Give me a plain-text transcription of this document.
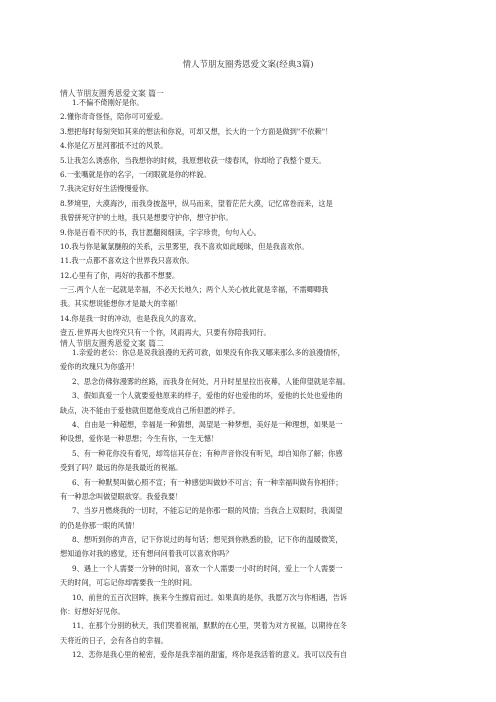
情人节朋友圈秀恩爱文案(经典3篇)
情人节朋友圈秀恩爱文案 篇一
1.不偏不倚刚好是你。
2.懂你奇奇怪怪，陪你可可爱爱。
3.想把每时每刻突如其来的想法和你说，可却又想，长大的一个方面是做到"不依赖"！
4.你是亿万星河都抵不过的风景。
5.让我怎么诱惑你，当我想你的时候，我原想收获一缕春风，你却给了我整个夏天。
6.一张嘴就是你的名字，一闭眼就是你的样貌。
7.我决定好好生活慢慢爱你。
8.梦境里，大漠海沙，而我身披盔甲，纵马而来，望着茫茫大漠，记忆席卷而来，这是
我曾拼死守护的土地，我只是想要守护你，想守护你。
9.你是百看不厌的书，我甘愿翻阅细读，字字珍贵，句句入心。
10.我与你是氟氯醚般的关系，云里雾里，我不喜欢如此暧昧，但是我喜欢你。
11.我一点都不喜欢这个世界我只喜欢你。
12.心里有了你，再好的我都不想要。
一三.两个人在一起就是幸福，不必天长地久；两个人关心彼此就是幸福，不需卿卿我
我。其实想说能想你才是最大的幸福！
14.你是我一时的冲动，也是我良久的喜欢。
壹五.世界再大也终究只有一个你，风雨再大，只要有你陪我同行。
情人节朋友圈秀恩爱文案 篇二
1.亲爱的老公：你总是说我浪漫的无药可救，如果没有你我又哪来那么多的浪漫情怀，
爱你的玫瑰只为你盛开！
2、思念仿佛弥漫雾的丝路，而我身在何处，月升时星星拉出夜幕，人能仰望就是幸福。
3、假如真爱一个人就要爱他原来的样子，爱他的好也爱他的坏，爱他的长处也爱他的
缺点，决不能由于爱他就但愿他变成自己所但愿的样子。
4、自由是一种超想，幸福是一种猜想，渴望是一种梦想，美好是一种理想，如果是一
种设想，爱你是一种思想；今生有你，一生无憾！
5、有一种花你没有看见，却笃信其存在；有种声音你没有听见，却自知你了解；你感
受到了吗？最远的你是我最近的祝福。
6、有一种默契叫做心照不宣；有一种感觉叫做妙不可言；有一种幸福叫做有你相伴；
有一种思念叫做望眼欲穿。我爱我要！
7、当岁月燃烧我的一切时，不能忘记的是你那一眼的风情；当我合上双眼时，我渴望
的仍是你那一眼的风情！
8、想听到你的声音，记下你说过的每句话；想见到你熟悉的脸，记下你的温暖微笑，
想知道你对我的感觉，还有想问问着我可以喜欢你吗？
9、遇上一个人需要一分钟的时间，喜欢一个人需要一小时的时间，爱上一个人需要一
天的时间，可忘记你却需要我一生的时间。
10、前世的五百次回眸，换来今生擦肩而过。如果真的是你，我愿万次与你相遇，告诉
你：好想好好见你。
11、在那个分别的秋天，我们哭着祝福，默默的在心里，哭着为对方祝福，以期待在冬
天将近的日子，会有各自的幸福。
12、恋你是我心里的秘密，爱你是我幸福的甜蜜，疼你是我活着的意义。我可以没有自
